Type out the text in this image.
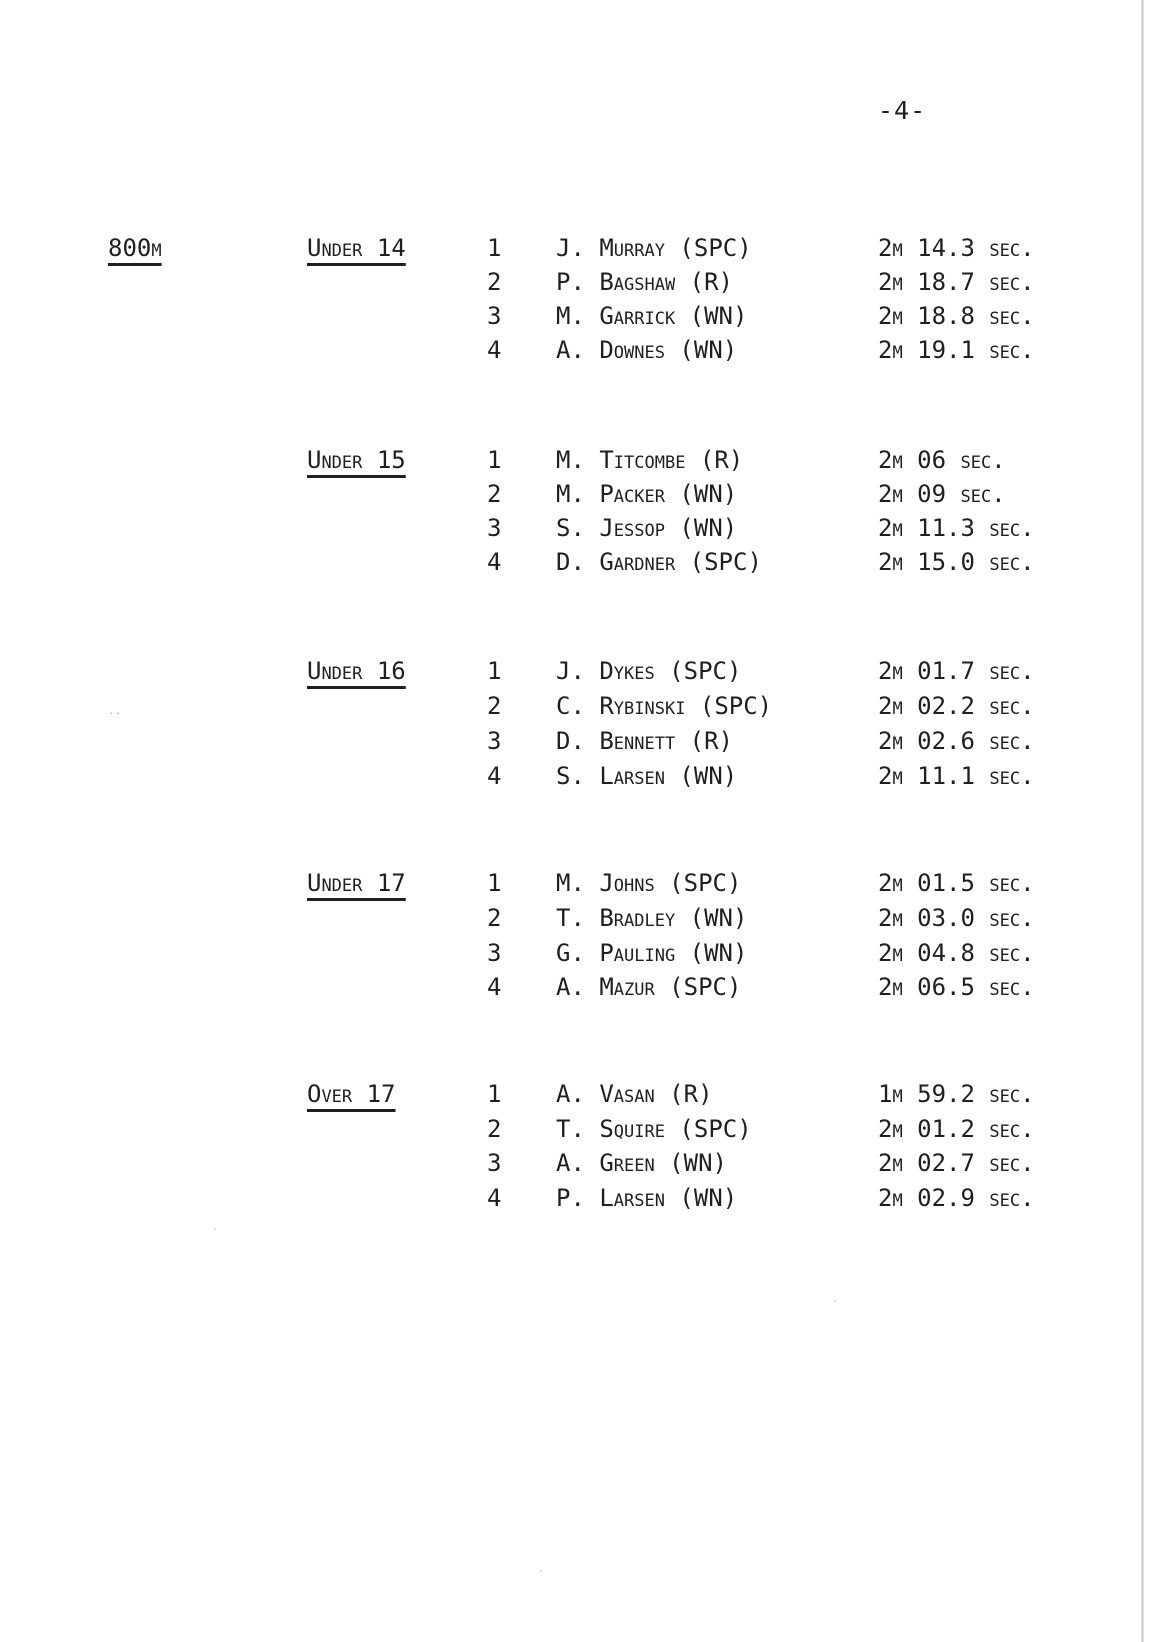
-4-
800m
..
Under 14	1 J. Murray (SPC)	2m 14.3 sec.
2 P. Bagshaw (R)	2m 18.7 sec.
3 M. Garrick (WN)	2m 18.8 sec.
4 A. Downes (WN)	2m 19.1 sec.
Under 15	1 M. Titcombe (R)	2m 06 sec.
2 M. Packer (WN)	2m 09 sec.
3 S. Jessop (WN)	2m 11.3 sec.
4 D. Gardner (SPC)	2m 15.0 sec.
Under 16	1 J. Dykes (SPC)	2m 01.7 sec.
2 C. Rybinski (SPC)	2m 02.2 sec.
3 D. Bennett (R)	2m 02.6 sec.
4 S. Larsen (WN)	2m 11.1 sec.
Under 17	1 M. Johns (SPC)	2m 01.5 sec.
2 T. Bradley (WN)	2m 03.0 sec.
3 G. Pauling (WN)	2m 04.8 sec.
4 A. Mazur (SPC)	2m 06.5 sec.
Over 17	1 A. Vasan (R)	1m 59.2 sec.
2 T. Squire (SPC)	2m 01.2 sec.
3 A. Green (WN)	2m 02.7 sec.
4 P. Larsen (WN)	2m 02.9 sec.
